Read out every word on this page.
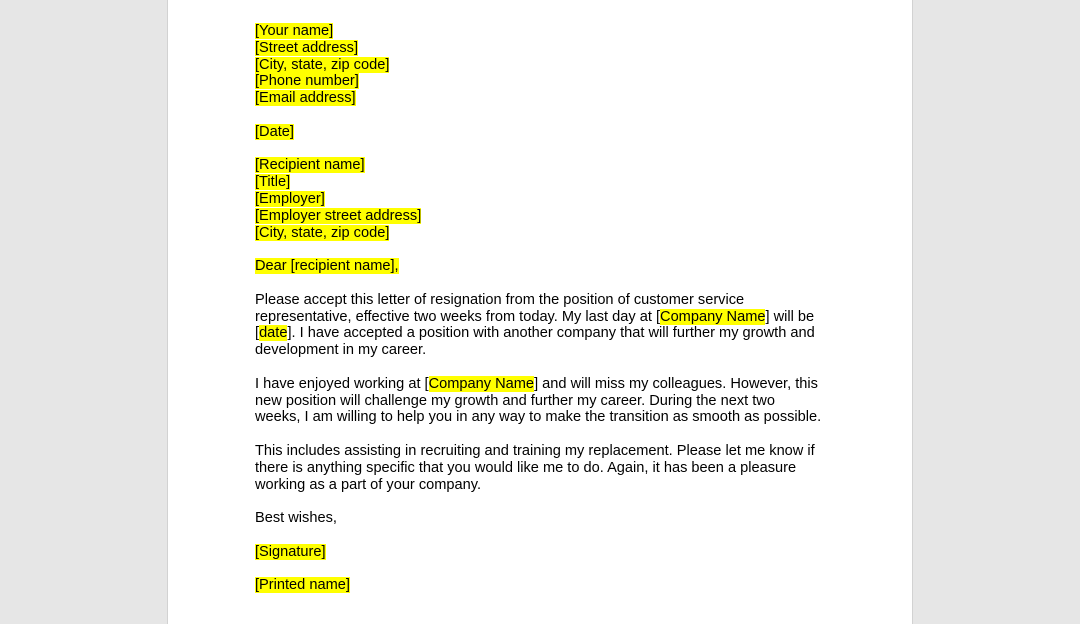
[Your name]
[Street address]
[City, state, zip code]
[Phone number]
[Email address]
[Date]
[Recipient name]
[Title]
[Employer]
[Employer street address]
[City, state, zip code]
Dear [recipient name],
Please accept this letter of resignation from the position of customer service
representative, effective two weeks from today. My last day at [Company Name] will be
[date]. I have accepted a position with another company that will further my growth and
development in my career.
I have enjoyed working at [Company Name] and will miss my colleagues. However, this
new position will challenge my growth and further my career. During the next two
weeks, I am willing to help you in any way to make the transition as smooth as possible.
This includes assisting in recruiting and training my replacement. Please let me know if
there is anything specific that you would like me to do. Again, it has been a pleasure
working as a part of your company.
Best wishes,
[Signature]
[Printed name]
